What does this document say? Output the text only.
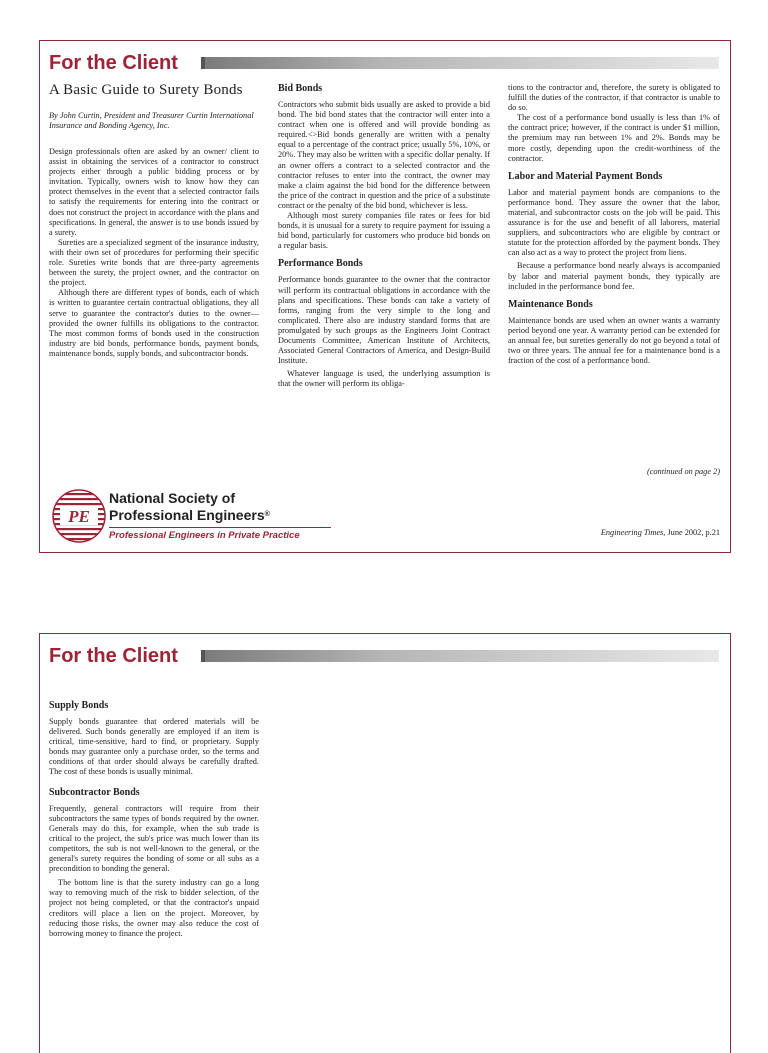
For the Client
A Basic Guide to Surety Bonds
By John Curtin, President and Treasurer Curtin International Insurance and Bonding Agency, Inc.

Design professionals often are asked by an owner/ client to assist in obtaining the services of a contractor to construct projects either through a public bidding process or by invitation. Typically, owners wish to know how they can protect themselves in the event that a selected contractor fails to satisfy the requirements for entering into the contract or does not construct the project in accordance with the plans and specifications. In general, the answer is to use bonds issued by a surety.

Sureties are a specialized segment of the insurance industry, with their own set of procedures for performing their specific role. Sureties write bonds that are three-party agreements between the surety, the project owner, and the contractor on the project.

Although there are different types of bonds, each of which is written to guarantee certain contractual obligations, they all serve to guarantee the contractor's duties to the owner—provided the owner fulfills its obligations to the contractor. The most common forms of bonds used in the construction industry are bid bonds, performance bonds, payment bonds, maintenance bonds, supply bonds, and subcontractor bonds.

Bid Bonds

Contractors who submit bids usually are asked to provide a bid bond. The bid bond states that the contractor will enter into a contract when one is offered and will provide bonding as required.<>Bid bonds generally are written with a penalty equal to a percentage of the contract price; usually 5%, 10%, or 20%. They may also be written with a specific dollar penalty. If an owner offers a contract to a selected contractor and the contractor refuses to enter into the contract, the owner may make a claim against the bid bond for the difference between the price of the contract in question and the price of a substitute contract or the penalty of the bid bond, whichever is less.

Although most surety companies file rates or fees for bid bonds, it is unusual for a surety to require payment for issuing a bid bond, particularly for customers who produce bid bonds on a regular basis.

Performance Bonds

Performance bonds guarantee to the owner that the contractor will perform its contractual obligations in accordance with the plans and specifications. These bonds can take a variety of forms, ranging from the very simple to the long and complicated. There also are industry standard forms that are promulgated by such groups as the Engineers Joint Contract Documents Committee, American Institute of Architects, Associated General Contractors of America, and Design-Build Institute.

Whatever language is used, the underlying assumption is that the owner will perform its obliga-

tions to the contractor and, therefore, the surety is obligated to fulfill the duties of the contractor, if that contractor is unable to do so.

The cost of a performance bond usually is less than 1% of the contract price; however, if the contract is under $1 million, the premium may run between 1% and 2%. Bonds may be more costly, depending upon the credit-worthiness of the contractor.

Labor and Material Payment Bonds

Labor and material payment bonds are companions to the performance bond. They assure the owner that the labor, material, and subcontractor costs on the job will be paid. This assurance is for the use and benefit of all laborers, material suppliers, and subcontractors who are eligible by contract or statute for the protection afforded by the payment bonds. They can also act as a way to protect the project from liens.

Because a performance bond nearly always is accompanied by labor and material payment bonds, they typically are included in the performance bond fee.

Maintenance Bonds

Maintenance bonds are used when an owner wants a warranty period beyond one year. A warranty period can be extended for an annual fee, but sureties generally do not go beyond a total of two or three years. The annual fee for a maintenance bond is a fraction of the cost of a performance bond.

(continued on page 2)
PE
National Society of
Professional Engineers®
Professional Engineers in Private Practice	Engineering Times, June 2002, p.21
For the Client
Supply Bonds

Supply bonds guarantee that ordered materials will be delivered. Such bonds generally are employed if an item is critical, time-sensitive, hard to find, or proprietary. Supply bonds may guarantee only a purchase order, so the terms and conditions of that order should always be carefully drafted. The cost of these bonds is usually minimal.

Subcontractor Bonds

Frequently, general contractors will require from their subcontractors the same types of bonds required by the owner. Generals may do this, for example, when the sub trade is critical to the project, the sub's price was much lower than its competitors, the sub is not well-known to the general, or the general's surety requires the bonding of some or all subs as a precondition to bonding the general.

The bottom line is that the surety industry can go a long way to removing much of the risk to bidder selection, of the project not being completed, or that the contractor's unpaid creditors will place a lien on the project. Moreover, by reducing those risks, the owner may also reduce the cost of borrowing money to finance the project.
